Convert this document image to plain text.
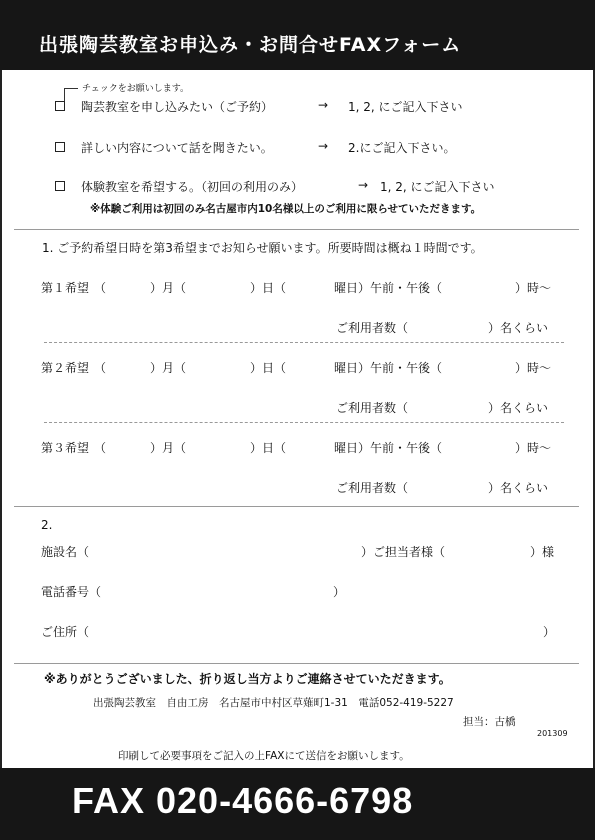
出張陶芸教室お申込み・お問合せFAXフォーム
チェックをお願いします。
陶芸教室を申し込みたい（ご予約）	→ 1, 2, にご記入下さい
詳しい内容について話を聞きたい。	→ 2.にご記入下さい。
体験教室を希望する。（初回の利用のみ）	→ 1, 2, にご記入下さい
※体験ご利用は初回のみ名古屋市内10名様以上のご利用に限らせていただきます。
1. ご予約希望日時を第3希望までお知らせ願います。所要時間は概ね１時間です。
第１希望 （	）月（	）日（	曜日）午前・午後（	）時〜
ご利用者数（	）名くらい
第２希望 （	）月（	）日（	曜日）午前・午後（	）時〜
ご利用者数（	）名くらい
第３希望 （	）月（	）日（	曜日）午前・午後（	）時〜
ご利用者数（	）名くらい
2.
施設名（	）ご担当者様（	）様
電話番号（	）
ご住所（	）
※ありがとうございました、折り返し当方よりご連絡させていただきます。
出張陶芸教室　自由工房　名古屋市中村区草薙町1-31　電話052-419-5227
担当：古橋
201309
印刷して必要事項をご記入の上FAXにて送信をお願いします。
FAX 020-4666-6798
